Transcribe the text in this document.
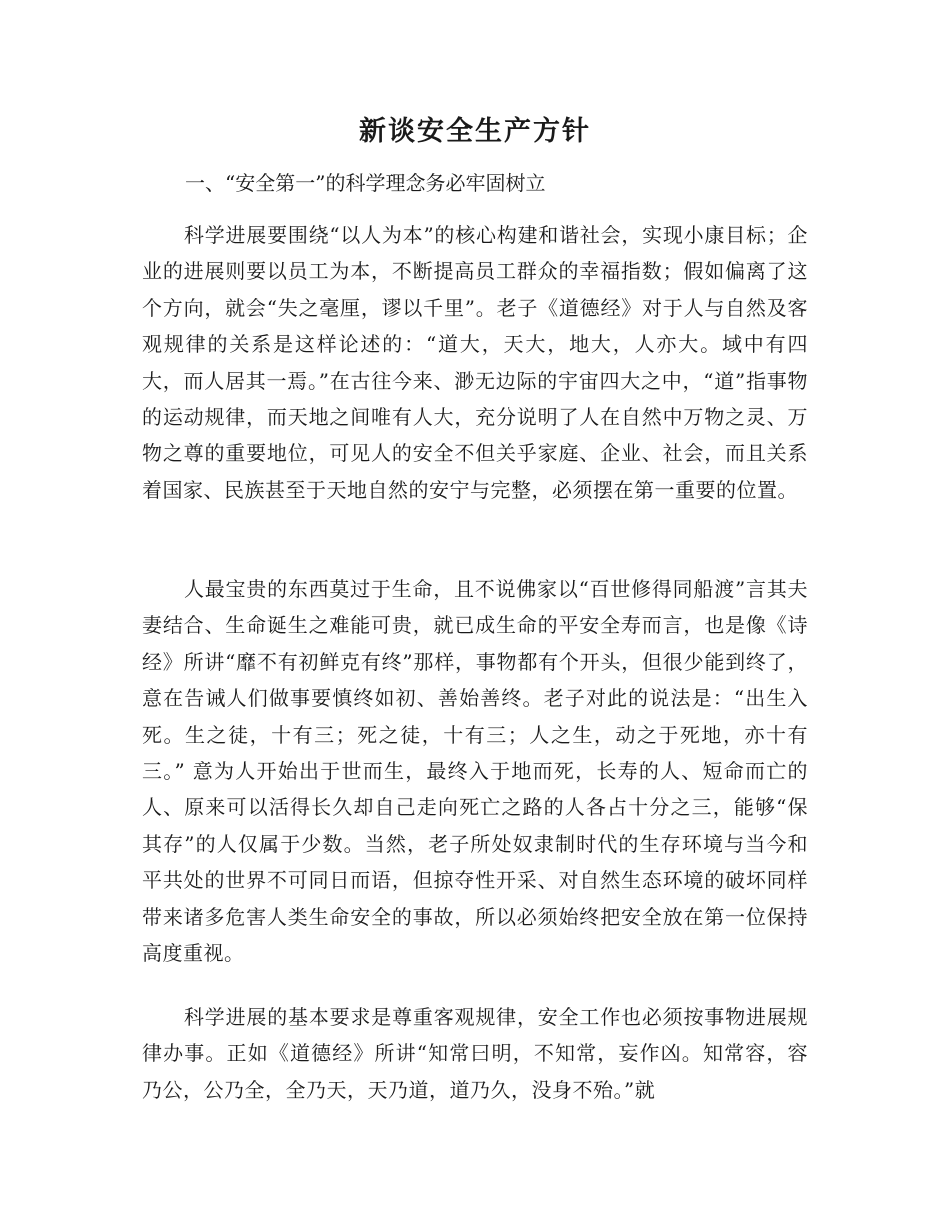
新谈安全生产方针

一、“安全第一”的科学理念务必牢固树立

科学进展要围绕“以人为本”的核心构建和谐社会，实现小康目标；企业的进展则要以员工为本，不断提高员工群众的幸福指数；假如偏离了这个方向，就会“失之毫厘，谬以千里”。老子《道德经》对于人与自然及客观规律的关系是这样论述的：“道大，天大，地大，人亦大。域中有四大，而人居其一焉。”在古往今来、渺无边际的宇宙四大之中，“道”指事物的运动规律，而天地之间唯有人大，充分说明了人在自然中万物之灵、万物之尊的重要地位，可见人的安全不但关乎家庭、企业、社会，而且关系着国家、民族甚至于天地自然的安宁与完整，必须摆在第一重要的位置。

人最宝贵的东西莫过于生命，且不说佛家以“百世修得同船渡”言其夫妻结合、生命诞生之难能可贵，就已成生命的平安全寿而言，也是像《诗经》所讲“靡不有初鲜克有终”那样，事物都有个开头，但很少能到终了，意在告诫人们做事要慎终如初、善始善终。老子对此的说法是：“出生入死。生之徒，十有三；死之徒，十有三；人之生，动之于死地，亦十有三。” 意为人开始出于世而生，最终入于地而死，长寿的人、短命而亡的人、原来可以活得长久却自己走向死亡之路的人各占十分之三，能够“保其存”的人仅属于少数。当然，老子所处奴隶制时代的生存环境与当今和平共处的世界不可同日而语，但掠夺性开采、对自然生态环境的破坏同样带来诸多危害人类生命安全的事故，所以必须始终把安全放在第一位保持高度重视。

科学进展的基本要求是尊重客观规律，安全工作也必须按事物进展规律办事。正如《道德经》所讲“知常曰明，不知常，妄作凶。知常容，容乃公，公乃全，全乃天，天乃道，道乃久，没身不殆。”就
